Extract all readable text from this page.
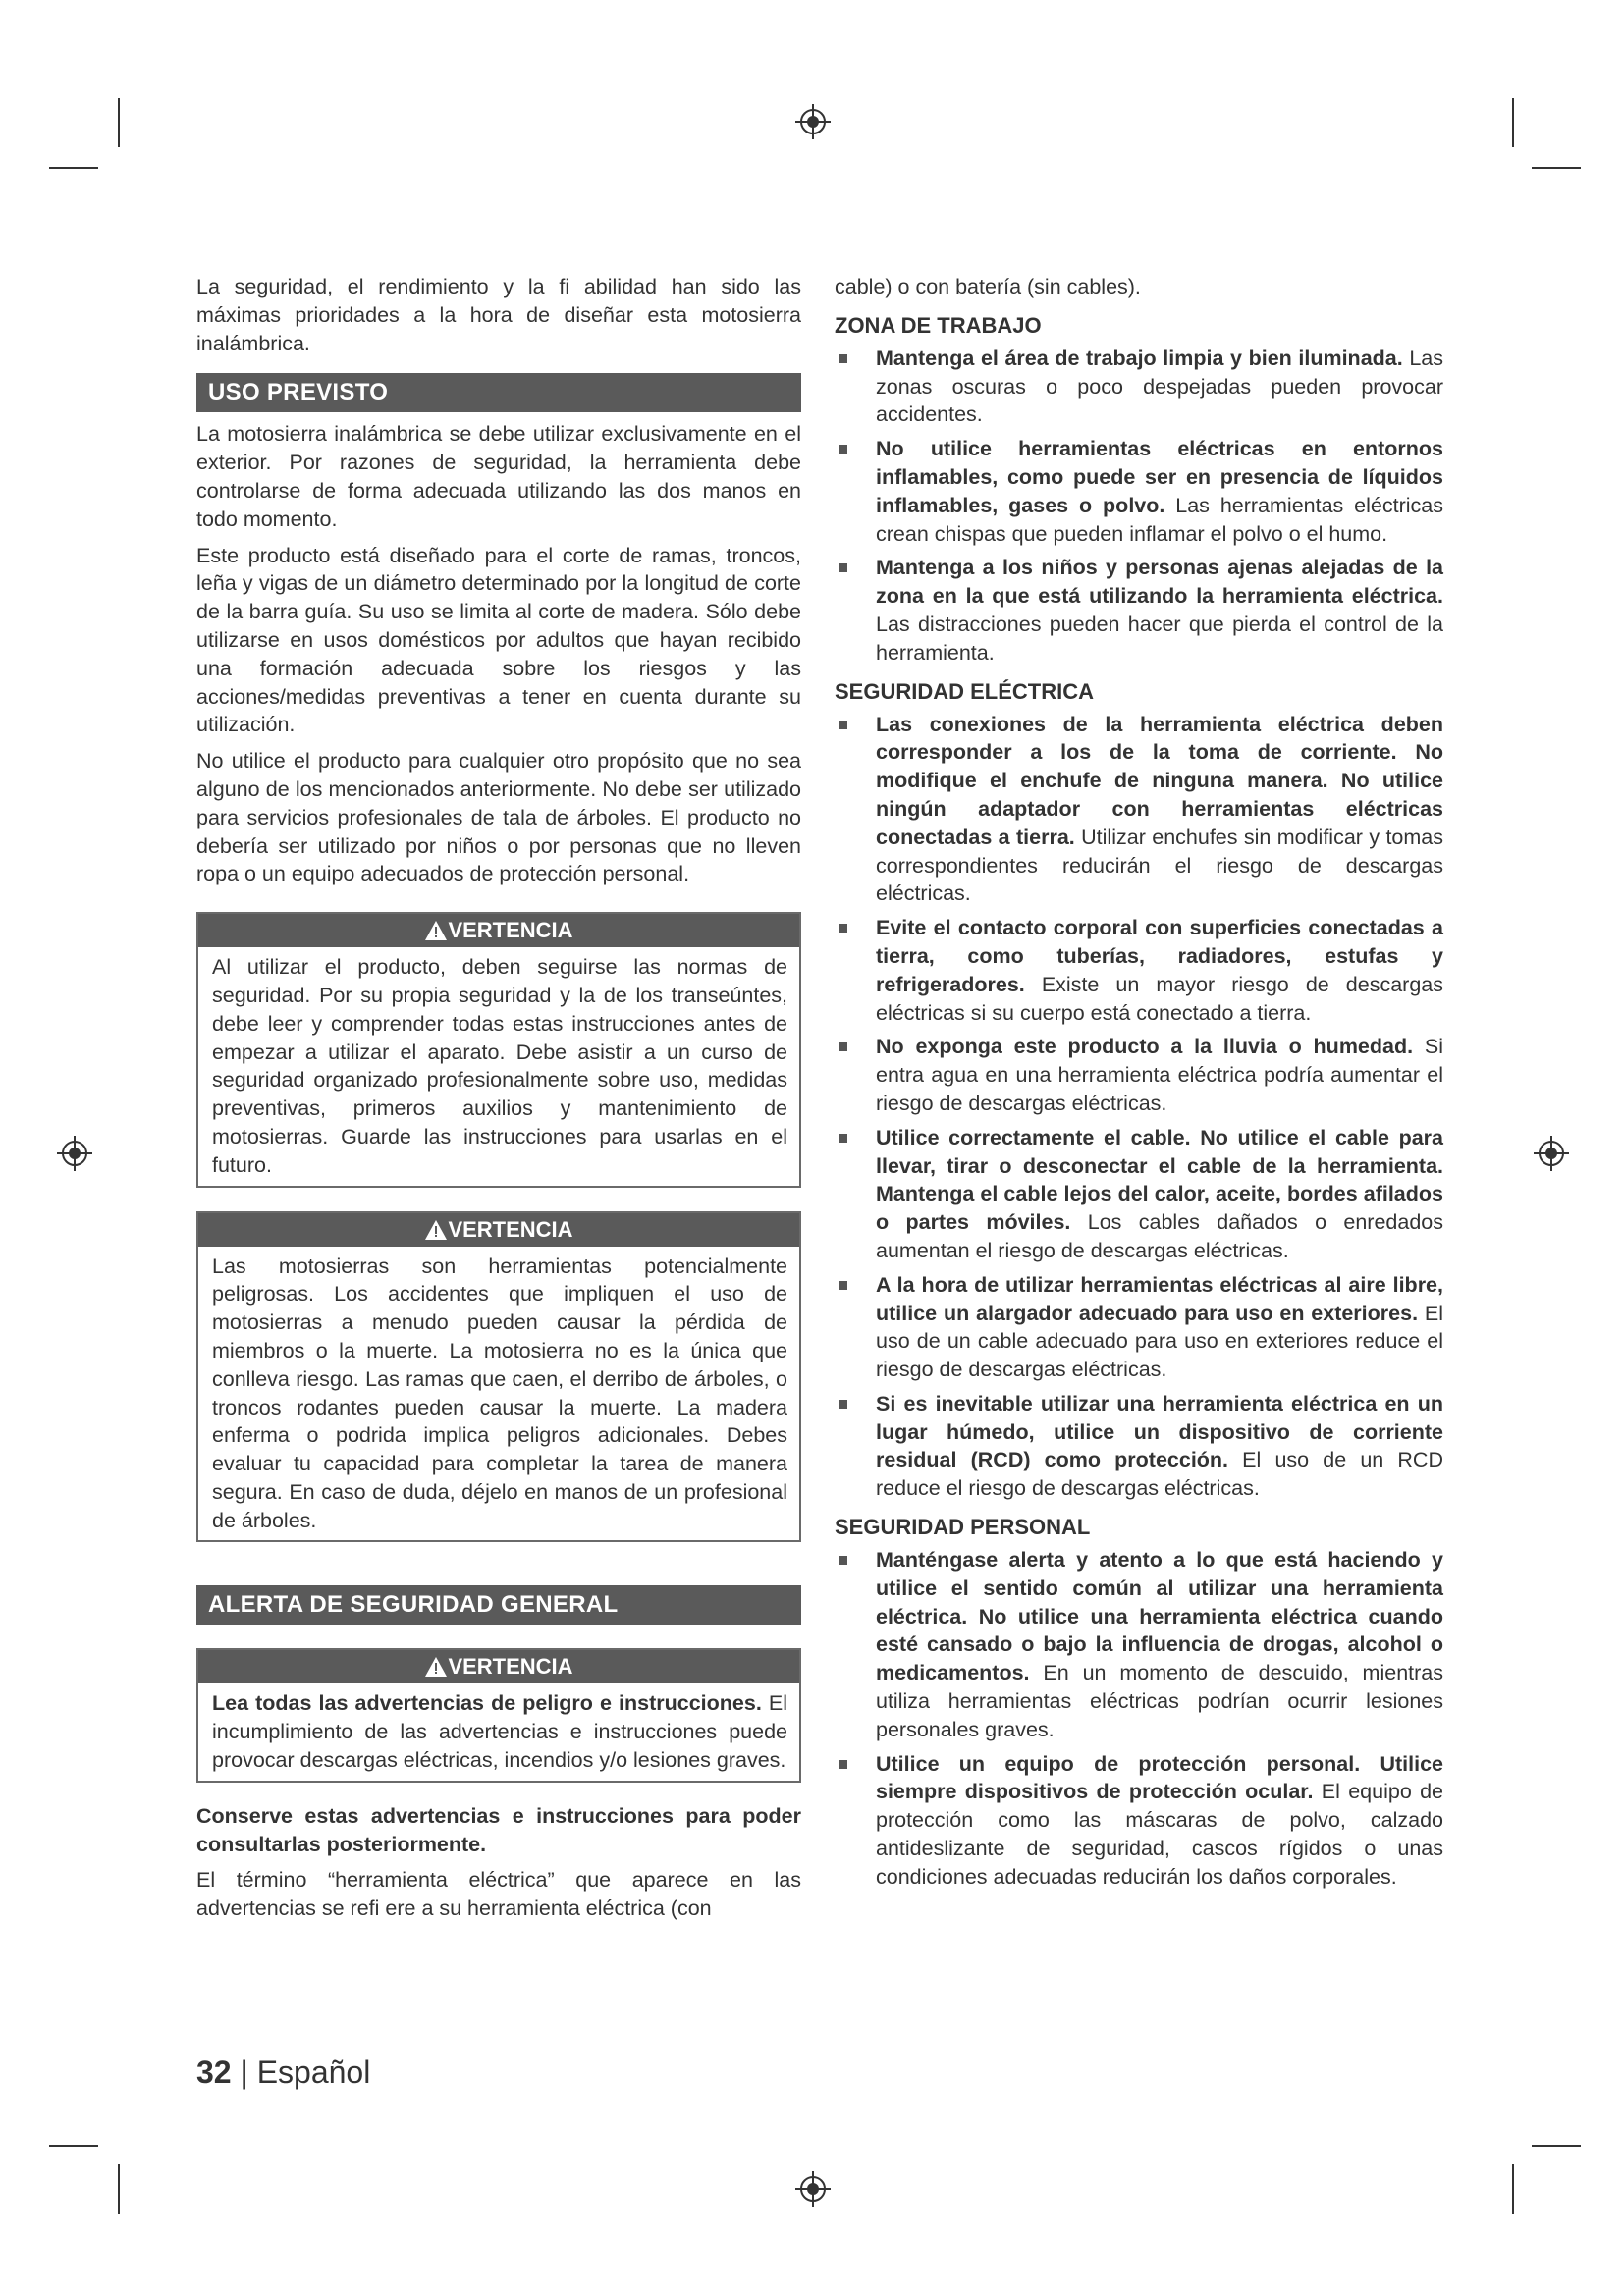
La seguridad, el rendimiento y la fi abilidad han sido las máximas prioridades a la hora de diseñar esta motosierra inalámbrica.

USO PREVISTO

La motosierra inalámbrica se debe utilizar exclusivamente en el exterior. Por razones de seguridad, la herramienta debe controlarse de forma adecuada utilizando las dos manos en todo momento.

Este producto está diseñado para el corte de ramas, troncos, leña y vigas de un diámetro determinado por la longitud de corte de la barra guía. Su uso se limita al corte de madera. Sólo debe utilizarse en usos domésticos por adultos que hayan recibido una formación adecuada sobre los riesgos y las acciones/medidas preventivas a tener en cuenta durante su utilización.

No utilice el producto para cualquier otro propósito que no sea alguno de los mencionados anteriormente. No debe ser utilizado para servicios profesionales de tala de árboles. El producto no debería ser utilizado por niños o por personas que no lleven ropa o un equipo adecuados de protección personal.

VERTENCIA

Al utilizar el producto, deben seguirse las normas de seguridad. Por su propia seguridad y la de los transeúntes, debe leer y comprender todas estas instrucciones antes de empezar a utilizar el aparato. Debe asistir a un curso de seguridad organizado profesionalmente sobre uso, medidas preventivas, primeros auxilios y mantenimiento de motosierras. Guarde las instrucciones para usarlas en el futuro.

VERTENCIA

Las motosierras son herramientas potencialmente peligrosas. Los accidentes que impliquen el uso de motosierras a menudo pueden causar la pérdida de miembros o la muerte. La motosierra no es la única que conlleva riesgo. Las ramas que caen, el derribo de árboles, o troncos rodantes pueden causar la muerte. La madera enferma o podrida implica peligros adicionales. Debes evaluar tu capacidad para completar la tarea de manera segura. En caso de duda, déjelo en manos de un profesional de árboles.

ALERTA DE SEGURIDAD GENERAL
VERTENCIA

Lea todas las advertencias de peligro e instrucciones. El incumplimiento de las advertencias e instrucciones puede provocar descargas eléctricas, incendios y/o lesiones graves.

Conserve estas advertencias e instrucciones para poder consultarlas posteriormente.

El término “herramienta eléctrica” que aparece en las advertencias se refi ere a su herramienta eléctrica (con

cable) o con batería (sin cables).

ZONA DE TRABAJO

Mantenga el área de trabajo limpia y bien iluminada. Las zonas oscuras o poco despejadas pueden provocar accidentes.

No utilice herramientas eléctricas en entornos inflamables, como puede ser en presencia de líquidos inflamables, gases o polvo. Las herramientas eléctricas crean chispas que pueden inflamar el polvo o el humo.

Mantenga a los niños y personas ajenas alejadas de la zona en la que está utilizando la herramienta eléctrica. Las distracciones pueden hacer que pierda el control de la herramienta.

SEGURIDAD ELÉCTRICA

Las conexiones de la herramienta eléctrica deben corresponder a los de la toma de corriente. No modifique el enchufe de ninguna manera. No utilice ningún adaptador con herramientas eléctricas conectadas a tierra. Utilizar enchufes sin modificar y tomas correspondientes reducirán el riesgo de descargas eléctricas.

Evite el contacto corporal con superficies conectadas a tierra, como tuberías, radiadores, estufas y refrigeradores. Existe un mayor riesgo de descargas eléctricas si su cuerpo está conectado a tierra.

No exponga este producto a la lluvia o humedad. Si entra agua en una herramienta eléctrica podría aumentar el riesgo de descargas eléctricas.

Utilice correctamente el cable. No utilice el cable para llevar, tirar o desconectar el cable de la herramienta. Mantenga el cable lejos del calor, aceite, bordes afilados o partes móviles. Los cables dañados o enredados aumentan el riesgo de descargas eléctricas.

A la hora de utilizar herramientas eléctricas al aire libre, utilice un alargador adecuado para uso en exteriores. El uso de un cable adecuado para uso en exteriores reduce el riesgo de descargas eléctricas.

Si es inevitable utilizar una herramienta eléctrica en un lugar húmedo, utilice un dispositivo de corriente residual (RCD) como protección. El uso de un RCD reduce el riesgo de descargas eléctricas.

SEGURIDAD PERSONAL

Manténgase alerta y atento a lo que está haciendo y utilice el sentido común al utilizar una herramienta eléctrica. No utilice una herramienta eléctrica cuando esté cansado o bajo la influencia de drogas, alcohol o medicamentos. En un momento de descuido, mientras utiliza herramientas eléctricas podrían ocurrir lesiones personales graves.

Utilice un equipo de protección personal. Utilice siempre dispositivos de protección ocular. El equipo de protección como las máscaras de polvo, calzado antideslizante de seguridad, cascos rígidos o unas condiciones adecuadas reducirán los daños corporales.

32 | Español
